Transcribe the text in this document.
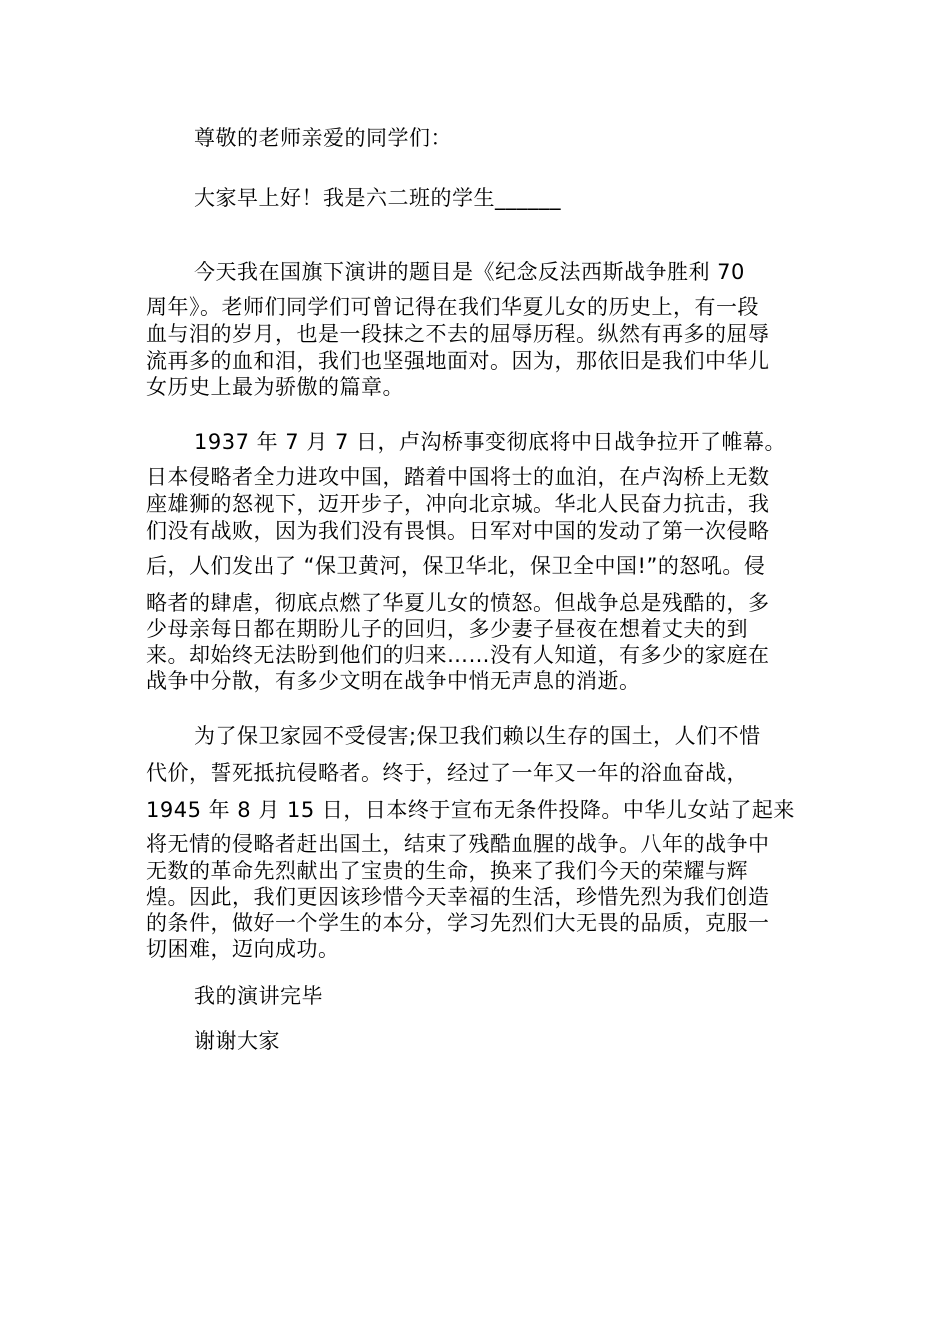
尊敬的老师亲爱的同学们：
大家早上好！我是六二班的学生______
今天我在国旗下演讲的题目是《纪念反法西斯战争胜利 70
周年》。老师们同学们可曾记得在我们华夏儿女的历史上，有一段
血与泪的岁月，也是一段抹之不去的屈辱历程。纵然有再多的屈辱
流再多的血和泪，我们也坚强地面对。因为，那依旧是我们中华儿
女历史上最为骄傲的篇章。
1937 年 7 月 7 日，卢沟桥事变彻底将中日战争拉开了帷幕。
日本侵略者全力进攻中国，踏着中国将士的血泊，在卢沟桥上无数
座雄狮的怒视下，迈开步子，冲向北京城。华北人民奋力抗击，我
们没有战败，因为我们没有畏惧。日军对中国的发动了第一次侵略
后，人们发出了 “保卫黄河，保卫华北，保卫全中国!”的怒吼。侵
略者的肆虐，彻底点燃了华夏儿女的愤怒。但战争总是残酷的，多
少母亲每日都在期盼儿子的回归，多少妻子昼夜在想着丈夫的到
来。却始终无法盼到他们的归来……没有人知道，有多少的家庭在
战争中分散，有多少文明在战争中悄无声息的消逝。
为了保卫家园不受侵害;保卫我们赖以生存的国土，人们不惜
代价，誓死抵抗侵略者。终于，经过了一年又一年的浴血奋战，
1945 年 8 月 15 日，日本终于宣布无条件投降。中华儿女站了起来
将无情的侵略者赶出国土，结束了残酷血腥的战争。八年的战争中
无数的革命先烈献出了宝贵的生命，换来了我们今天的荣耀与辉
煌。因此，我们更因该珍惜今天幸福的生活，珍惜先烈为我们创造
的条件，做好一个学生的本分，学习先烈们大无畏的品质，克服一
切困难，迈向成功。
我的演讲完毕
谢谢大家
